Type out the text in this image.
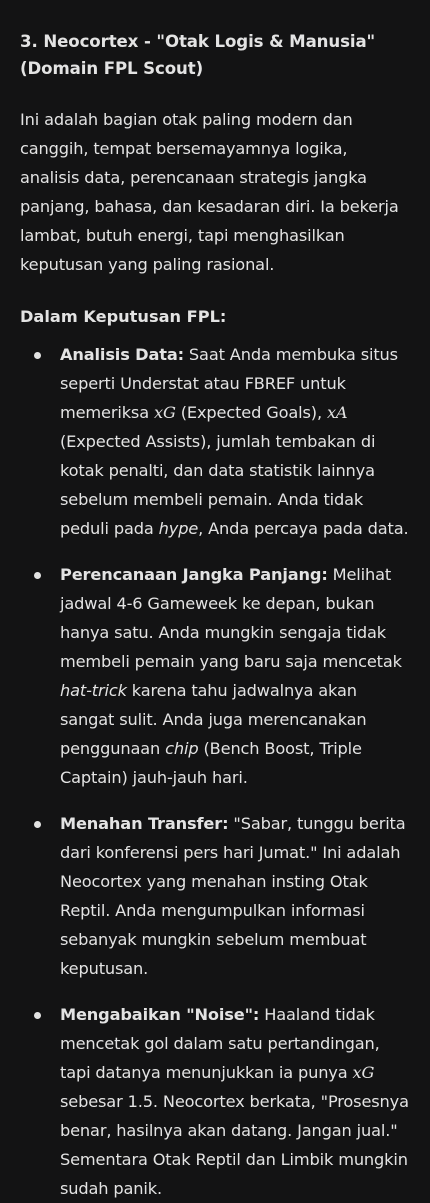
3. Neocortex - "Otak Logis & Manusia"
(Domain FPL Scout)

Ini adalah bagian otak paling modern dan canggih, tempat bersemayamnya logika, analisis data, perencanaan strategis jangka panjang, bahasa, dan kesadaran diri. Ia bekerja lambat, butuh energi, tapi menghasilkan keputusan yang paling rasional.

Dalam Keputusan FPL:

Analisis Data: Saat Anda membuka situs seperti Understat atau FBREF untuk memeriksa xG (Expected Goals), xA (Expected Assists), jumlah tembakan di kotak penalti, dan data statistik lainnya sebelum membeli pemain. Anda tidak peduli pada hype, Anda percaya pada data.
Perencanaan Jangka Panjang: Melihat jadwal 4-6 Gameweek ke depan, bukan hanya satu. Anda mungkin sengaja tidak membeli pemain yang baru saja mencetak hat-trick karena tahu jadwalnya akan sangat sulit. Anda juga merencanakan penggunaan chip (Bench Boost, Triple Captain) jauh-jauh hari.
Menahan Transfer: "Sabar, tunggu berita dari konferensi pers hari Jumat." Ini adalah Neocortex yang menahan insting Otak Reptil. Anda mengumpulkan informasi sebanyak mungkin sebelum membuat keputusan.
Mengabaikan "Noise": Haaland tidak mencetak gol dalam satu pertandingan, tapi datanya menunjukkan ia punya xG sebesar 1.5. Neocortex berkata, "Prosesnya benar, hasilnya akan datang. Jangan jual." Sementara Otak Reptil dan Limbik mungkin sudah panik.
